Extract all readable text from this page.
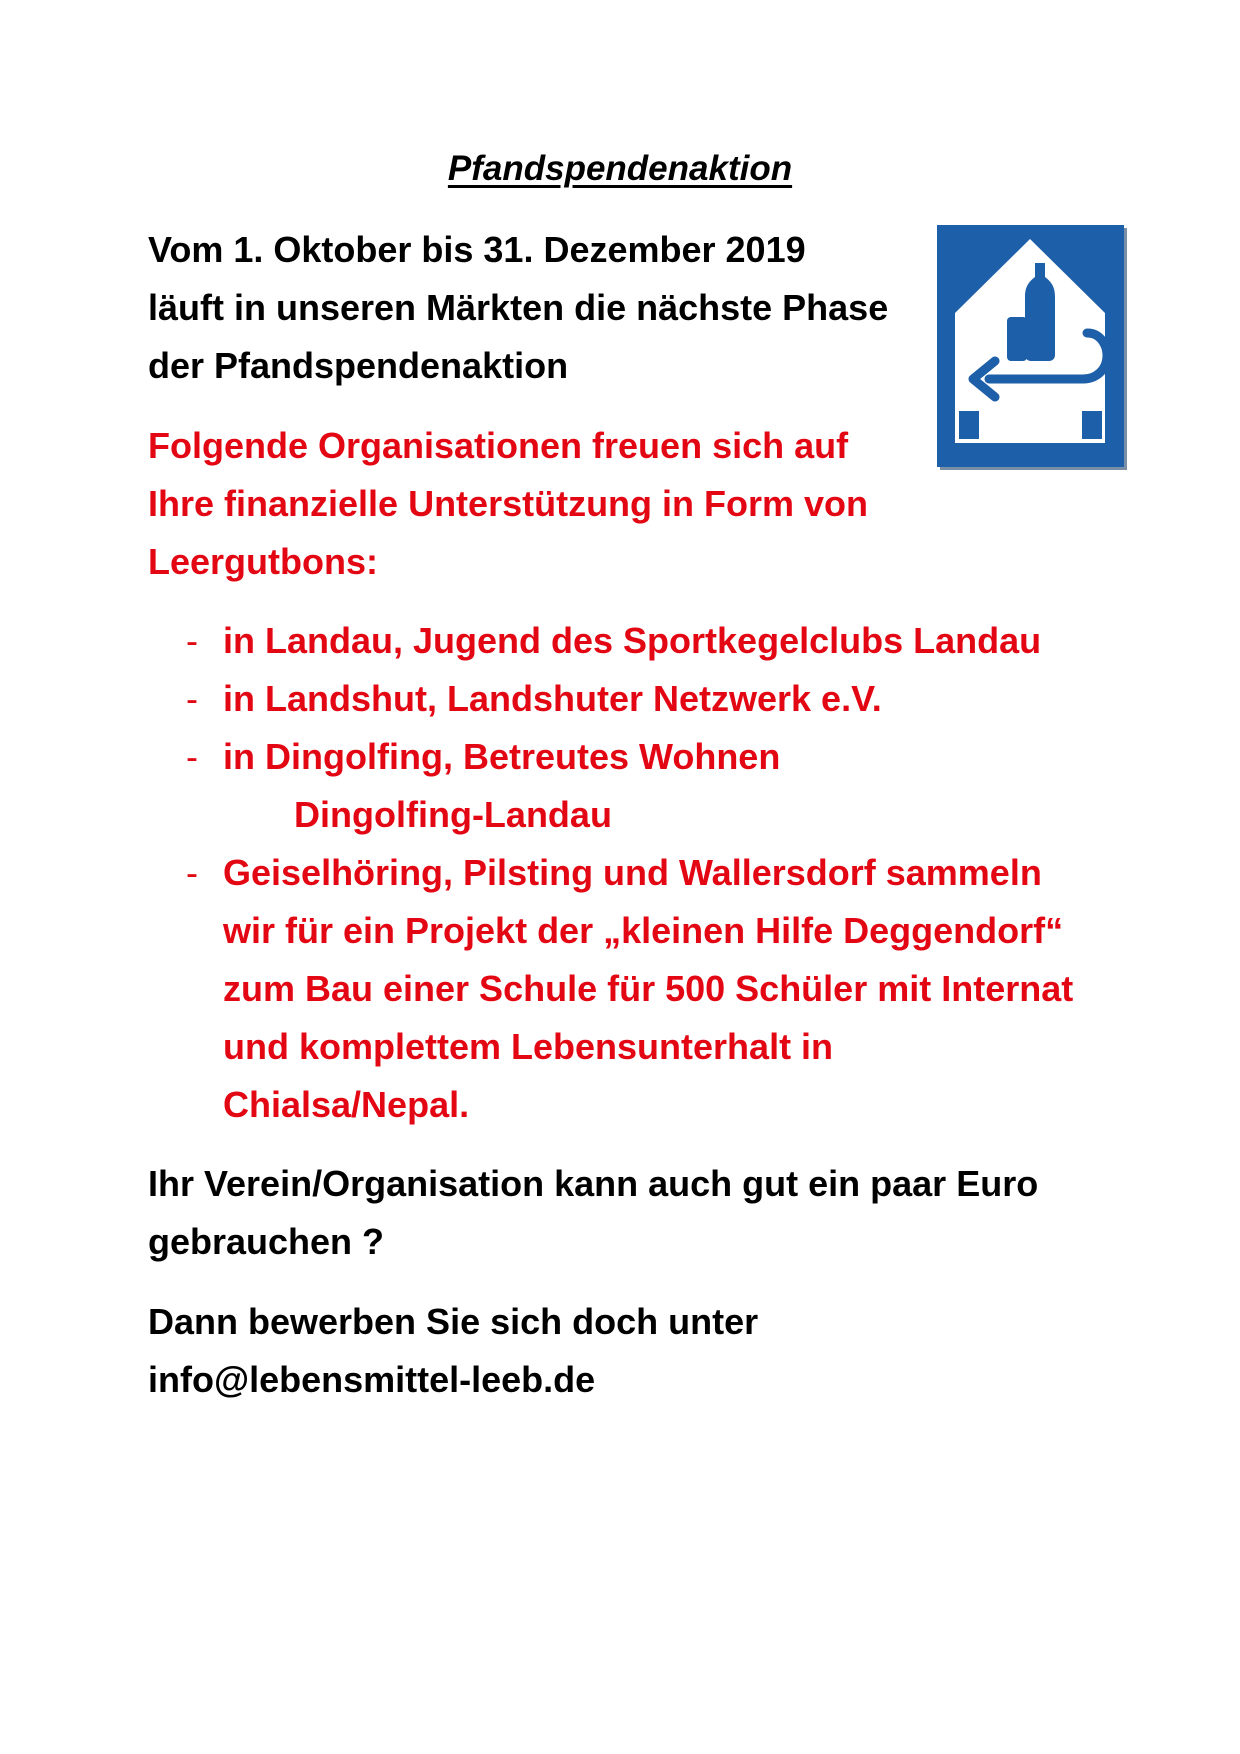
Pfandspendenaktion
Vom 1. Oktober bis 31. Dezember 2019
läuft in unseren Märkten die nächste Phase
der Pfandspendenaktion
Folgende Organisationen freuen sich auf
Ihre finanzielle Unterstützung in Form von
Leergutbons:
- in Landau, Jugend des Sportkegelclubs Landau
- in Landshut, Landshuter Netzwerk e.V.
- in Dingolfing, Betreutes Wohnen
Dingolfing-Landau
- Geiselhöring, Pilsting und Wallersdorf sammeln
wir für ein Projekt der „kleinen Hilfe Deggendorf“
zum Bau einer Schule für 500 Schüler mit Internat
und komplettem Lebensunterhalt in
Chialsa/Nepal.
Ihr Verein/Organisation kann auch gut ein paar Euro
gebrauchen ?
Dann bewerben Sie sich doch unter
info@lebensmittel-leeb.de
